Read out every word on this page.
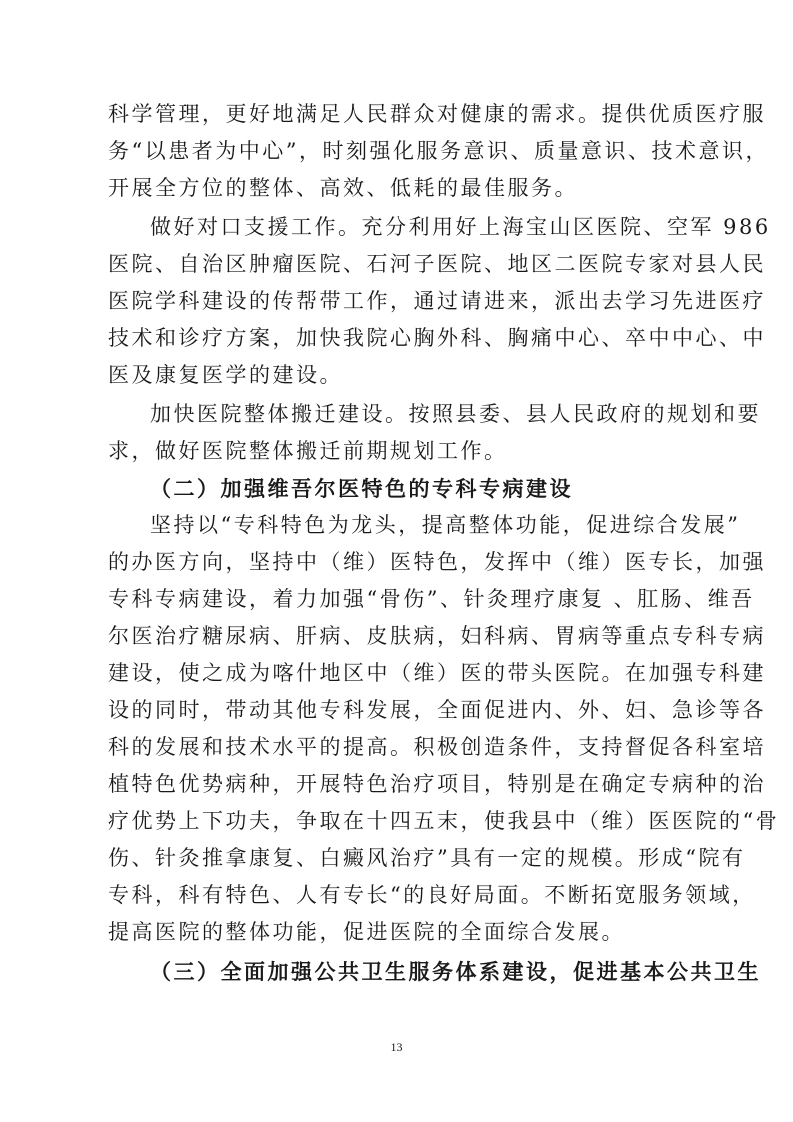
科学管理，更好地满足人民群众对健康的需求。提供优质医疗服
务“以患者为中心”，时刻强化服务意识、质量意识、技术意识，
开展全方位的整体、高效、低耗的最佳服务。
做好对口支援工作。充分利用好上海宝山区医院、空军 986
医院、自治区肿瘤医院、石河子医院、地区二医院专家对县人民
医院学科建设的传帮带工作，通过请进来，派出去学习先进医疗
技术和诊疗方案，加快我院心胸外科、胸痛中心、卒中中心、中
医及康复医学的建设。
加快医院整体搬迁建设。按照县委、县人民政府的规划和要
求，做好医院整体搬迁前期规划工作。
（二）加强维吾尔医特色的专科专病建设
坚持以“专科特色为龙头，提高整体功能，促进综合发展”
的办医方向，坚持中（维）医特色，发挥中（维）医专长，加强
专科专病建设，着力加强“骨伤”、针灸理疗康复 、肛肠、维吾
尔医治疗糖尿病、肝病、皮肤病，妇科病、胃病等重点专科专病
建设，使之成为喀什地区中（维）医的带头医院。在加强专科建
设的同时，带动其他专科发展，全面促进内、外、妇、急诊等各
科的发展和技术水平的提高。积极创造条件，支持督促各科室培
植特色优势病种，开展特色治疗项目，特别是在确定专病种的治
疗优势上下功夫，争取在十四五末，使我县中（维）医医院的“骨
伤、针灸推拿康复、白癜风治疗”具有一定的规模。形成“院有
专科，科有特色、人有专长“的良好局面。不断拓宽服务领域，
提高医院的整体功能，促进医院的全面综合发展。
（三）全面加强公共卫生服务体系建设，促进基本公共卫生
13
